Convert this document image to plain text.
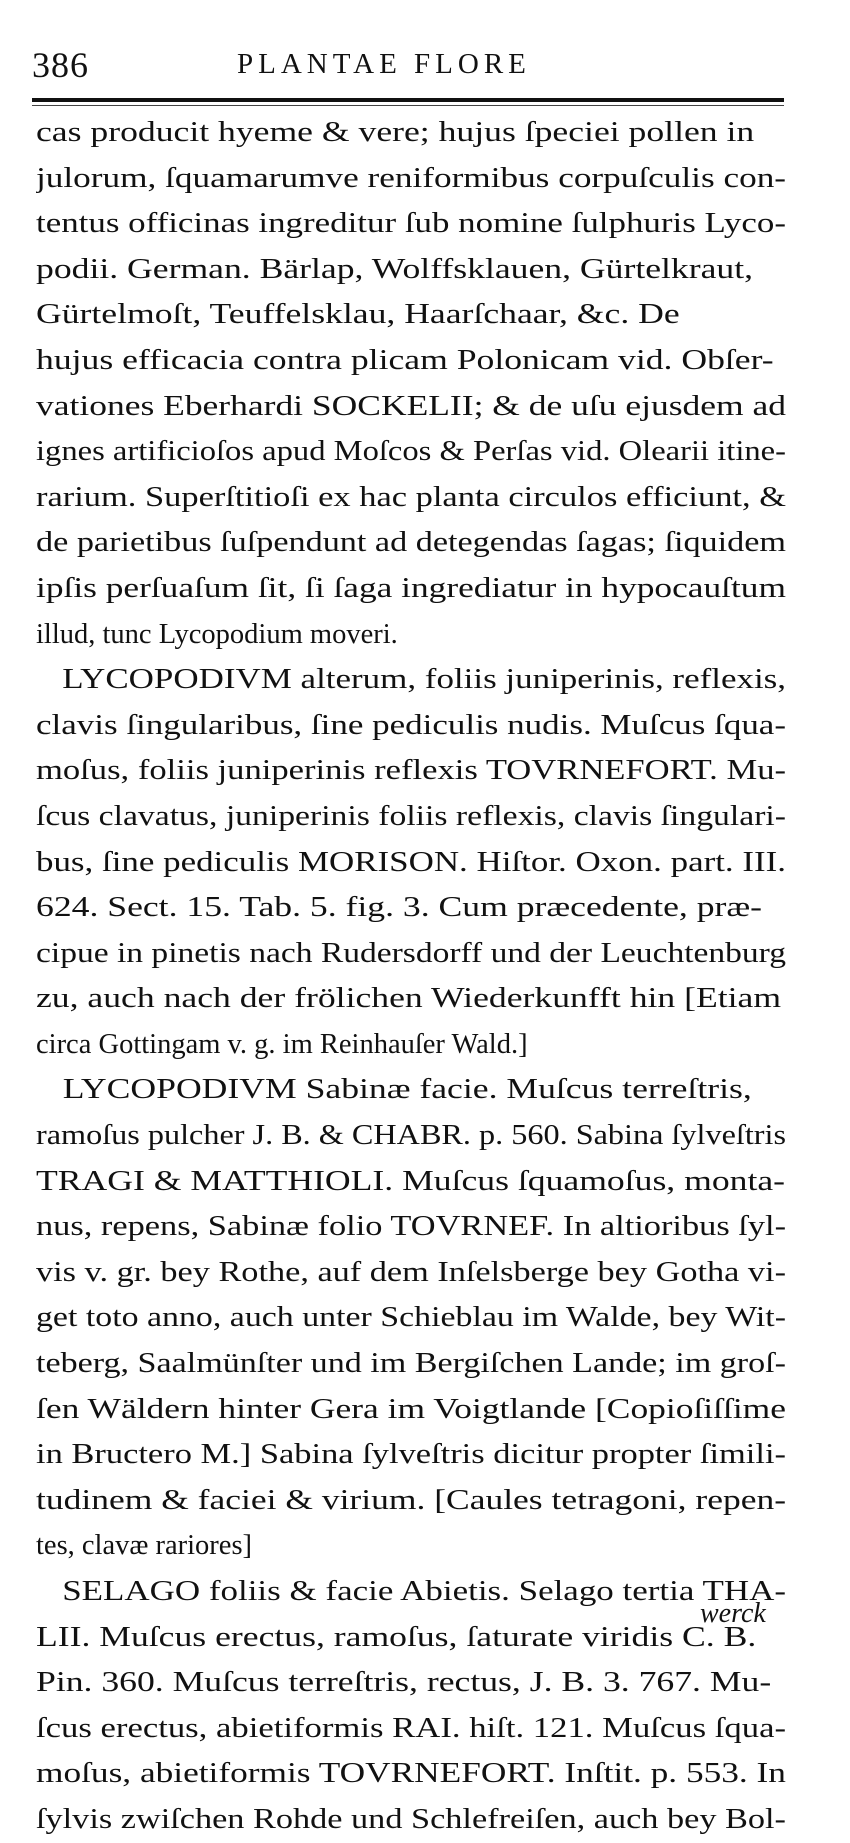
386	PLANTAE FLORE
cas producit hyeme & vere; hujus ſpeciei pollen in
julorum, ſquamarumve reniformibus corpuſculis con-
tentus officinas ingreditur ſub nomine ſulphuris Lyco-
podii. German. Bärlap, Wolffsklauen, Gürtelkraut,
Gürtelmoſt, Teuffelsklau, Haarſchaar, &c. De
hujus efficacia contra plicam Polonicam vid. Obſer-
vationes Eberhardi SOCKELII; & de uſu ejusdem ad
ignes artificioſos apud Moſcos & Perſas vid. Olearii itine-
rarium. Superſtitioſi ex hac planta circulos efficiunt, &
de parietibus ſuſpendunt ad detegendas ſagas; ſiquidem
ipſis perſuaſum ſit, ſi ſaga ingrediatur in hypocauſtum
illud, tunc Lycopodium moveri.
LYCOPODIVM alterum, foliis juniperinis, reflexis,
clavis ſingularibus, ſine pediculis nudis. Muſcus ſqua-
moſus, foliis juniperinis reflexis TOVRNEFORT. Mu-
ſcus clavatus, juniperinis foliis reflexis, clavis ſingulari-
bus, ſine pediculis MORISON. Hiſtor. Oxon. part. III.
624. Sect. 15. Tab. 5. fig. 3. Cum præcedente, præ-
cipue in pinetis nach Rudersdorff und der Leuchtenburg
zu, auch nach der frölichen Wiederkunfft hin [Etiam
circa Gottingam v. g. im Reinhauſer Wald.]
LYCOPODIVM Sabinæ facie. Muſcus terreſtris,
ramoſus pulcher J. B. & CHABR. p. 560. Sabina ſylveſtris
TRAGI & MATTHIOLI. Muſcus ſquamoſus, monta-
nus, repens, Sabinæ folio TOVRNEF. In altioribus ſyl-
vis v. gr. bey Rothe, auf dem Inſelsberge bey Gotha vi-
get toto anno, auch unter Schieblau im Walde, bey Wit-
teberg, Saalmünſter und im Bergiſchen Lande; im groſ-
ſen Wäldern hinter Gera im Voigtlande [Copioſiſſime
in Bructero M.] Sabina ſylveſtris dicitur propter ſimili-
tudinem & faciei & virium. [Caules tetragoni, repen-
tes, clavæ rariores]
SELAGO foliis & facie Abietis. Selago tertia THA-
LII. Muſcus erectus, ramoſus, ſaturate viridis C. B.
Pin. 360. Muſcus terreſtris, rectus, J. B. 3. 767. Mu-
ſcus erectus, abietiformis RAI. hiſt. 121. Muſcus ſqua-
moſus, abietiformis TOVRNEFORT. Inſtit. p. 553. In
ſylvis zwiſchen Rohde und Schlefreiſen, auch bey Bol-
werck
